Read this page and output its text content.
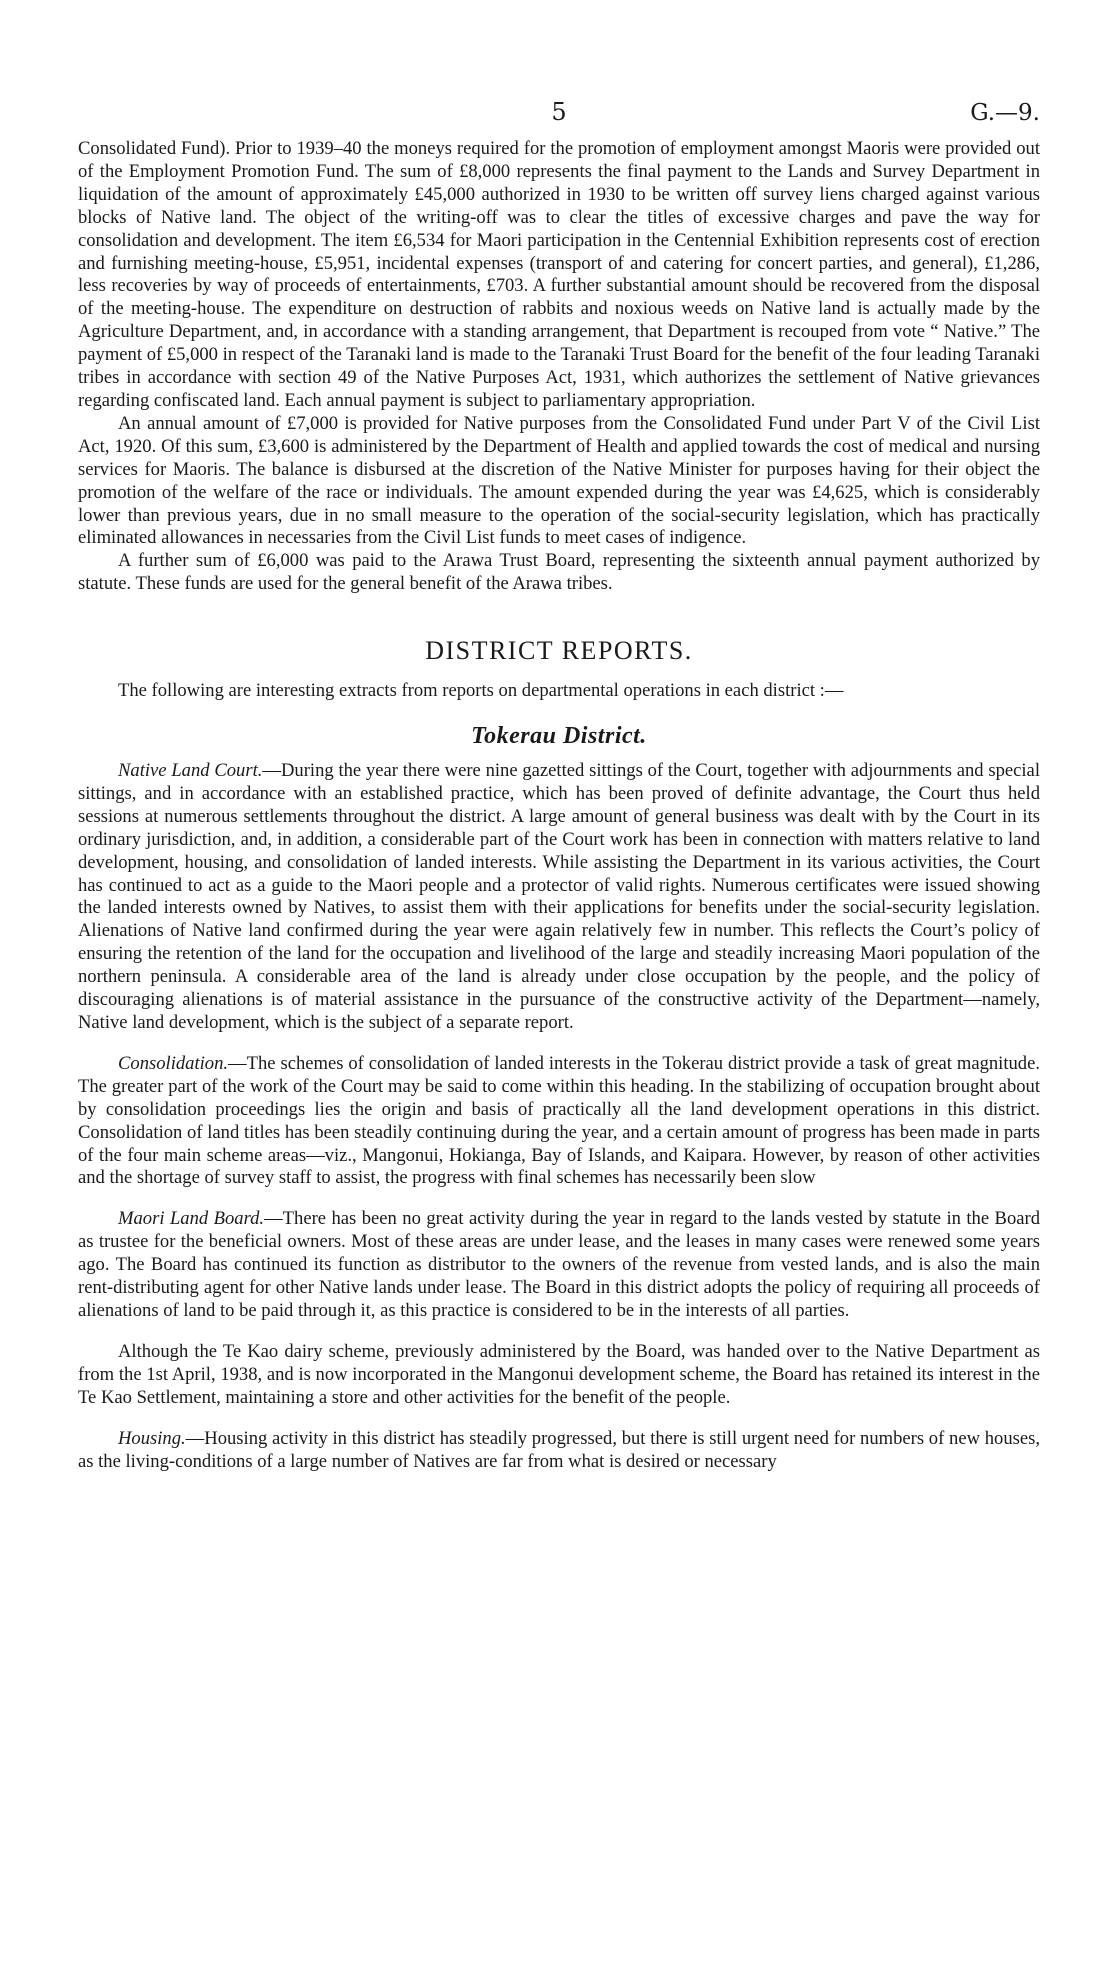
5	G.—9.

Consolidated Fund). Prior to 1939–40 the moneys required for the promotion of employment amongst Maoris were provided out of the Employment Promotion Fund. The sum of £8,000 represents the final payment to the Lands and Survey Department in liquidation of the amount of approximately £45,000 authorized in 1930 to be written off survey liens charged against various blocks of Native land. The object of the writing-off was to clear the titles of excessive charges and pave the way for consolidation and development. The item £6,534 for Maori participation in the Centennial Exhibition represents cost of erection and furnishing meeting-house, £5,951, incidental expenses (transport of and catering for concert parties, and general), £1,286, less recoveries by way of proceeds of entertainments, £703. A further substantial amount should be recovered from the disposal of the meeting-house. The expenditure on destruction of rabbits and noxious weeds on Native land is actually made by the Agriculture Department, and, in accordance with a standing arrangement, that Department is recouped from vote “ Native.” The payment of £5,000 in respect of the Taranaki land is made to the Taranaki Trust Board for the benefit of the four leading Taranaki tribes in accordance with section 49 of the Native Purposes Act, 1931, which authorizes the settlement of Native grievances regarding confiscated land. Each annual payment is subject to parliamentary appropriation.

An annual amount of £7,000 is provided for Native purposes from the Consolidated Fund under Part V of the Civil List Act, 1920. Of this sum, £3,600 is administered by the Department of Health and applied towards the cost of medical and nursing services for Maoris. The balance is disbursed at the discretion of the Native Minister for purposes having for their object the promotion of the welfare of the race or individuals. The amount expended during the year was £4,625, which is considerably lower than previous years, due in no small measure to the operation of the social-security legislation, which has practically eliminated allowances in necessaries from the Civil List funds to meet cases of indigence.

A further sum of £6,000 was paid to the Arawa Trust Board, representing the sixteenth annual payment authorized by statute. These funds are used for the general benefit of the Arawa tribes.

DISTRICT REPORTS.

The following are interesting extracts from reports on departmental operations in each district :—

Tokerau District.

Native Land Court.—During the year there were nine gazetted sittings of the Court, together with adjournments and special sittings, and in accordance with an established practice, which has been proved of definite advantage, the Court thus held sessions at numerous settlements throughout the district. A large amount of general business was dealt with by the Court in its ordinary jurisdiction, and, in addition, a considerable part of the Court work has been in connection with matters relative to land development, housing, and consolidation of landed interests. While assisting the Department in its various activities, the Court has continued to act as a guide to the Maori people and a protector of valid rights. Numerous certificates were issued showing the landed interests owned by Natives, to assist them with their applications for benefits under the social-security legislation. Alienations of Native land confirmed during the year were again relatively few in number. This reflects the Court’s policy of ensuring the retention of the land for the occupation and livelihood of the large and steadily increasing Maori population of the northern peninsula. A considerable area of the land is already under close occupation by the people, and the policy of discouraging alienations is of material assistance in the pursuance of the constructive activity of the Department—namely, Native land development, which is the subject of a separate report.

Consolidation.—The schemes of consolidation of landed interests in the Tokerau district provide a task of great magnitude. The greater part of the work of the Court may be said to come within this heading. In the stabilizing of occupation brought about by consolidation proceedings lies the origin and basis of practically all the land development operations in this district. Consolidation of land titles has been steadily continuing during the year, and a certain amount of progress has been made in parts of the four main scheme areas—viz., Mangonui, Hokianga, Bay of Islands, and Kaipara. However, by reason of other activities and the shortage of survey staff to assist, the progress with final schemes has necessarily been slow

Maori Land Board.—There has been no great activity during the year in regard to the lands vested by statute in the Board as trustee for the beneficial owners. Most of these areas are under lease, and the leases in many cases were renewed some years ago. The Board has continued its function as distributor to the owners of the revenue from vested lands, and is also the main rent-distributing agent for other Native lands under lease. The Board in this district adopts the policy of requiring all proceeds of alienations of land to be paid through it, as this practice is considered to be in the interests of all parties.

Although the Te Kao dairy scheme, previously administered by the Board, was handed over to the Native Department as from the 1st April, 1938, and is now incorporated in the Mangonui development scheme, the Board has retained its interest in the Te Kao Settlement, maintaining a store and other activities for the benefit of the people.

Housing.—Housing activity in this district has steadily progressed, but there is still urgent need for numbers of new houses, as the living-conditions of a large number of Natives are far from what is desired or necessary
